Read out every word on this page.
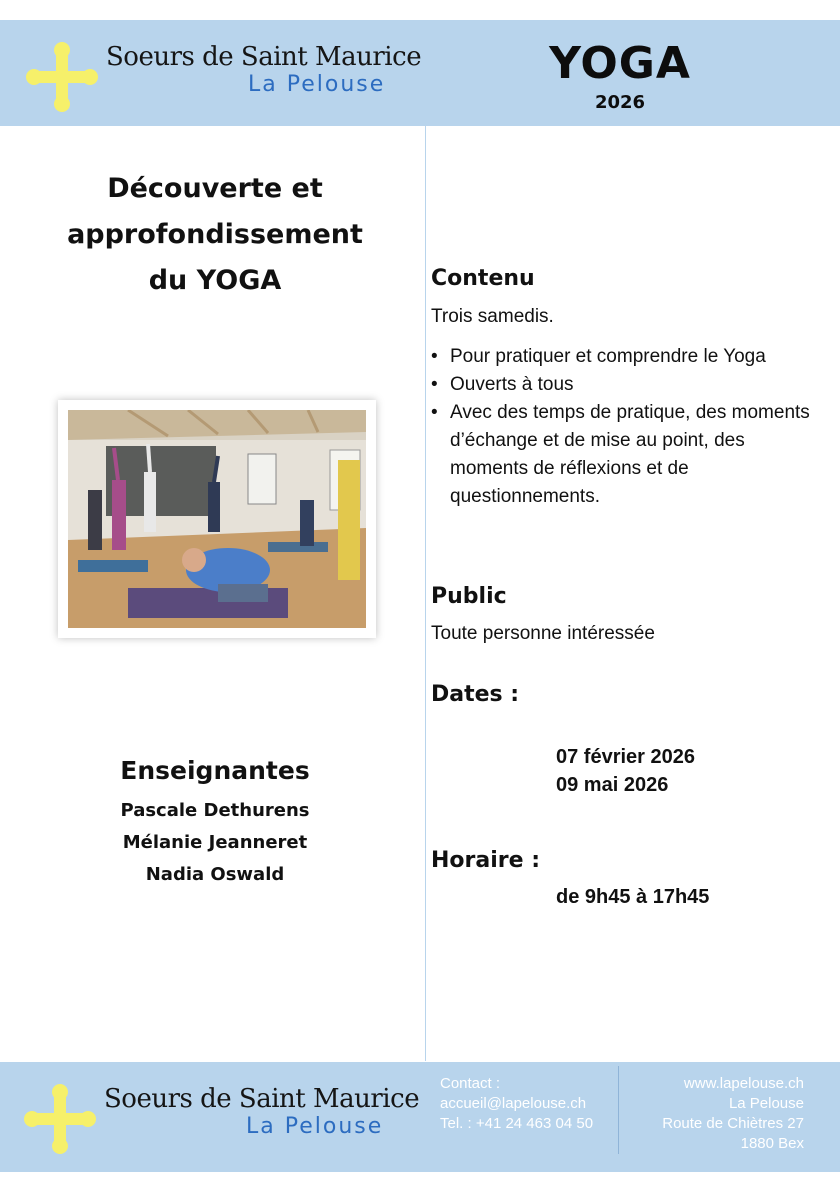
Soeurs de Saint Maurice
La Pelouse	YOGA
2026
Découverte et
approfondissement
du YOGA
Enseignantes
Pascale Dethurens
Mélanie Jeanneret
Nadia Oswald
Contenu
Trois samedis.
• Pour pratiquer et comprendre le Yoga
• Ouverts à tous
• Avec des temps de pratique, des moments d’échange et de mise au point, des moments de réflexions et de questionnements.
Public
Toute personne intéressée
Dates :
07 février 2026
09 mai 2026
Horaire :
de 9h45 à 17h45
Soeurs de Saint Maurice
La Pelouse
Contact :
accueil@lapelouse.ch
Tel. : +41 24 463 04 50
www.lapelouse.ch
La Pelouse
Route de Chiètres 27
1880 Bex
